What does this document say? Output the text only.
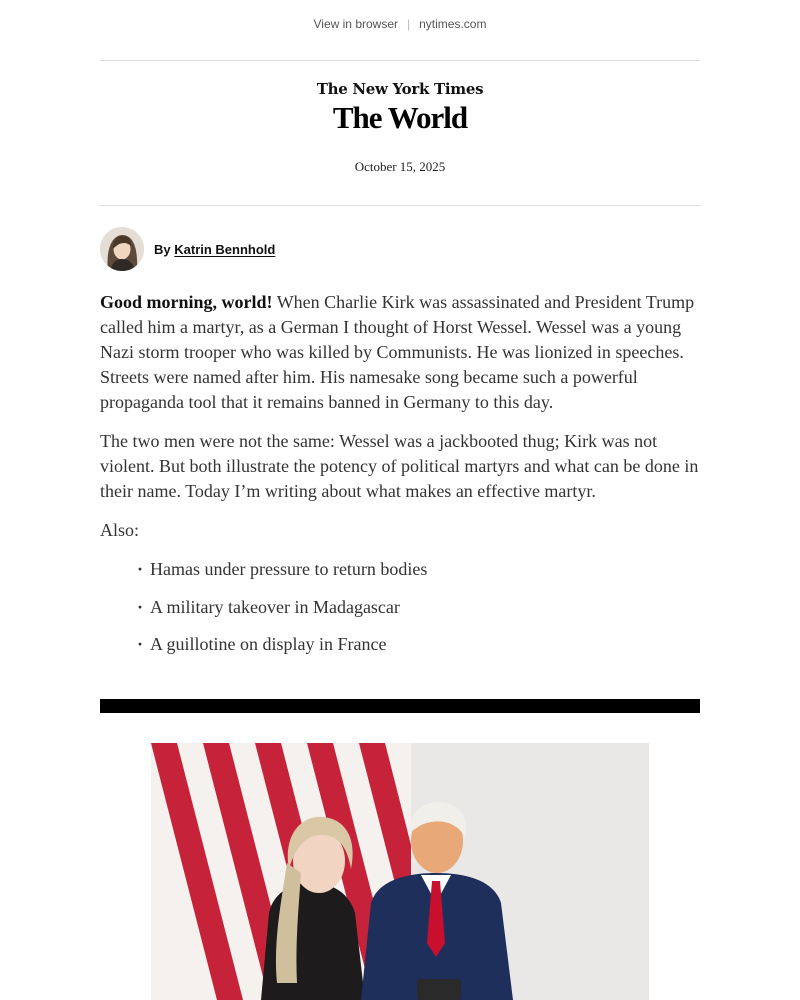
View in browser | nytimes.com
The New York Times
The World
October 15, 2025
By Katrin Bennhold

Good morning, world! When Charlie Kirk was assassinated and President Trump called him a martyr, as a German I thought of Horst Wessel. Wessel was a young Nazi storm trooper who was killed by Communists. He was lionized in speeches. Streets were named after him. His namesake song became such a powerful propaganda tool that it remains banned in Germany to this day.

The two men were not the same: Wessel was a jackbooted thug; Kirk was not violent. But both illustrate the potency of political martyrs and what can be done in their name. Today I’m writing about what makes an effective martyr.

Also:

· Hamas under pressure to return bodies
· A military takeover in Madagascar
· A guillotine on display in France
